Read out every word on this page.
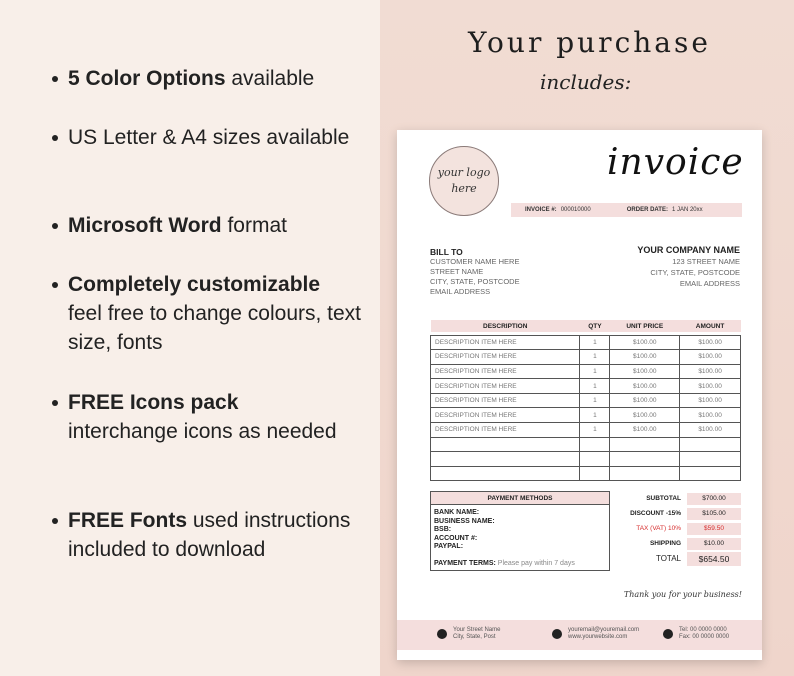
5 Color Options available
US Letter & A4 sizes available
Microsoft Word format
Completely customizable
feel free to change colours, text size, fonts
FREE Icons pack
interchange icons as needed
FREE Fonts used instructions included to download
Your purchase
includes:
your logo here
invoice
INVOICE #: 000010000	ORDER DATE: 1 JAN 20xx
BILL TO
CUSTOMER NAME HERE
STREET NAME
CITY, STATE, POSTCODE
EMAIL ADDRESS
YOUR COMPANY NAME
123 STREET NAME
CITY, STATE, POSTCODE
EMAIL ADDRESS
DESCRIPTION	QTY	UNIT PRICE	AMOUNT

DESCRIPTION ITEM HERE	1	$100.00	$100.00
DESCRIPTION ITEM HERE	1	$100.00	$100.00
DESCRIPTION ITEM HERE	1	$100.00	$100.00
DESCRIPTION ITEM HERE	1	$100.00	$100.00
DESCRIPTION ITEM HERE	1	$100.00	$100.00
DESCRIPTION ITEM HERE	1	$100.00	$100.00
DESCRIPTION ITEM HERE	1	$100.00	$100.00

PAYMENT METHODS
BANK NAME:
BUSINESS NAME:
BSB:
ACCOUNT #:
PAYPAL:
PAYMENT TERMS: Please pay within 7 days
SUBTOTAL	$700.00
DISCOUNT -15%	$105.00
TAX (VAT) 10%	$59.50
SHIPPING	$10.00
TOTAL	$654.50
Thank you for your business!
Your Street Name
City, State, Post
youremail@youremail.com
www.yourwebsite.com
Tel: 00 0000 0000
Fax: 00 0000 0000
